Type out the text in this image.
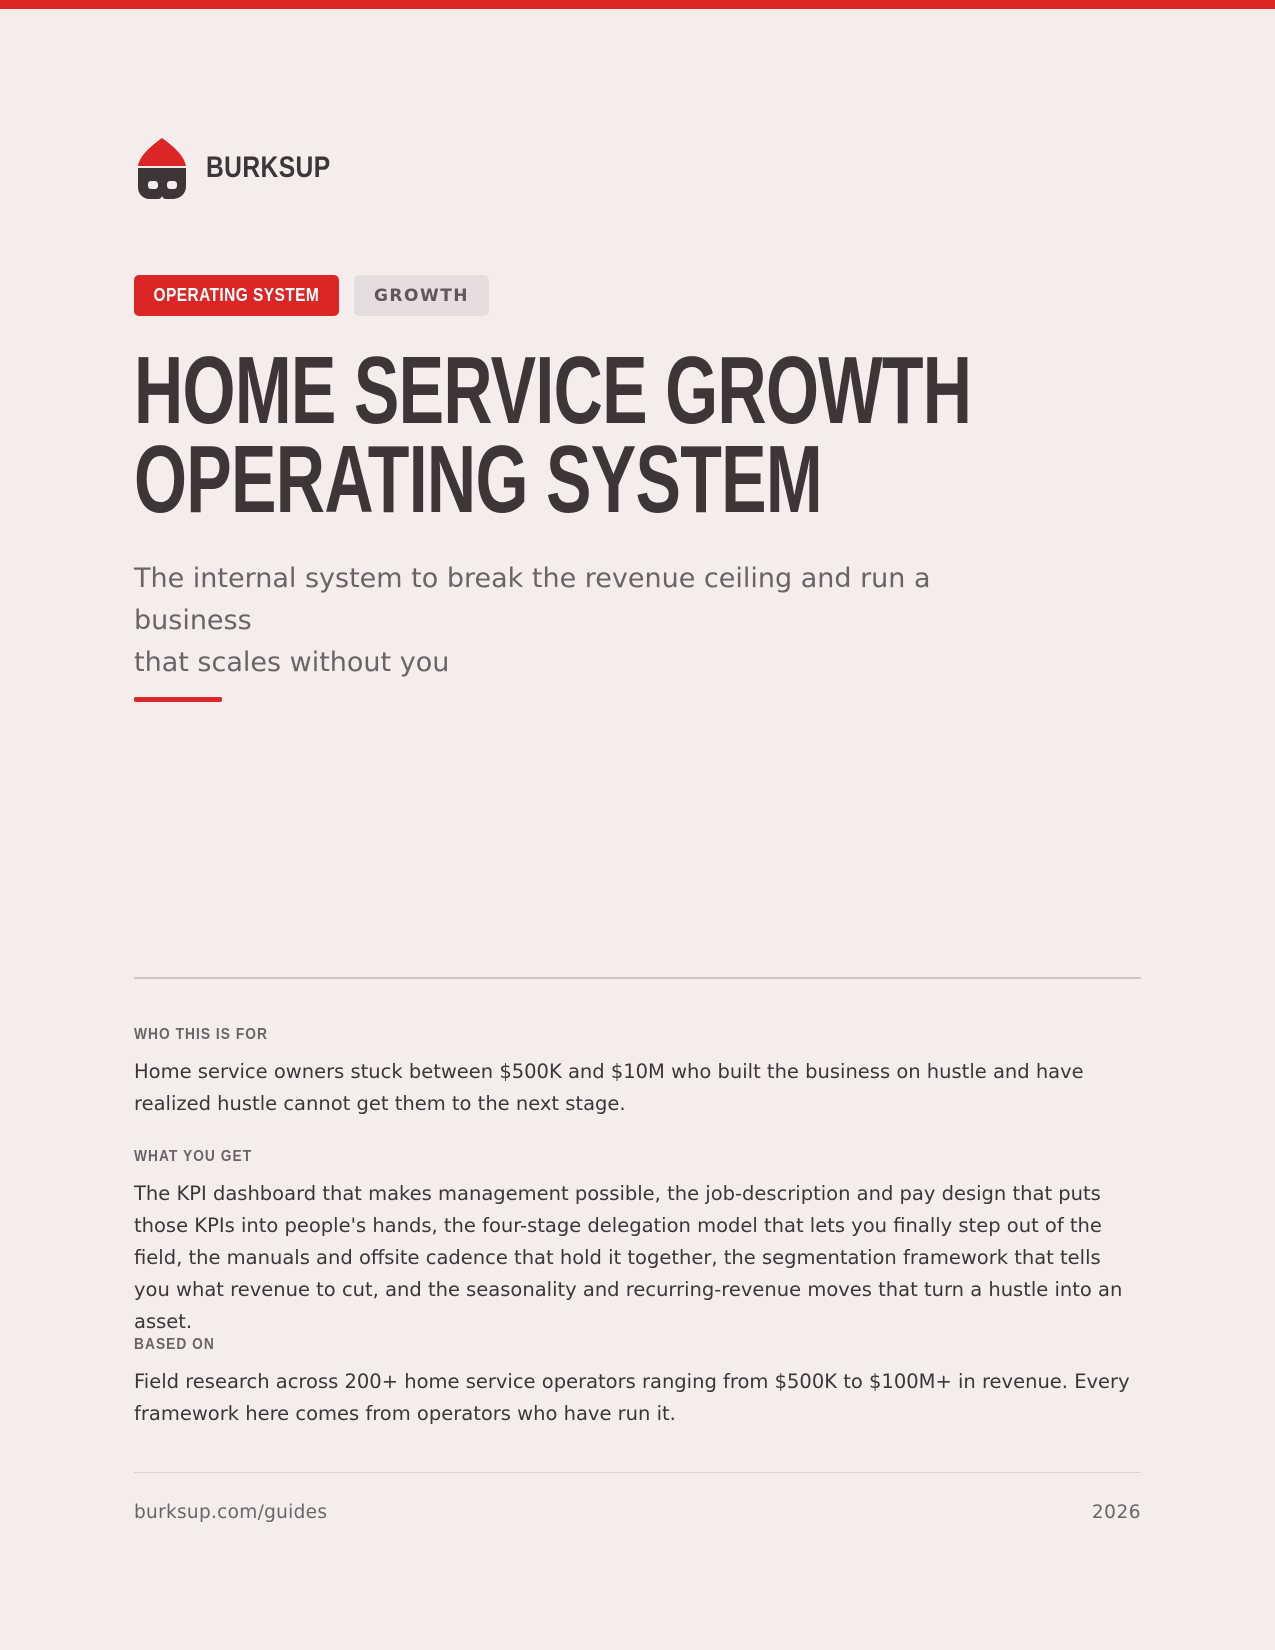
BURKSUP
OPERATING SYSTEM	GROWTH
HOME SERVICE GROWTH
OPERATING SYSTEM
The internal system to break the revenue ceiling and run a business
that scales without you
WHO THIS IS FOR

Home service owners stuck between $500K and $10M who built the business on hustle and have realized hustle cannot get them to the next stage.

WHAT YOU GET

The KPI dashboard that makes management possible, the job-description and pay design that puts those KPIs into people's hands, the four-stage delegation model that lets you finally step out of the field, the manuals and offsite cadence that hold it together, the segmentation framework that tells you what revenue to cut, and the seasonality and recurring-revenue moves that turn a hustle into an asset.

BASED ON

Field research across 200+ home service operators ranging from $500K to $100M+ in revenue. Every framework here comes from operators who have run it.

burksup.com/guides	2026
